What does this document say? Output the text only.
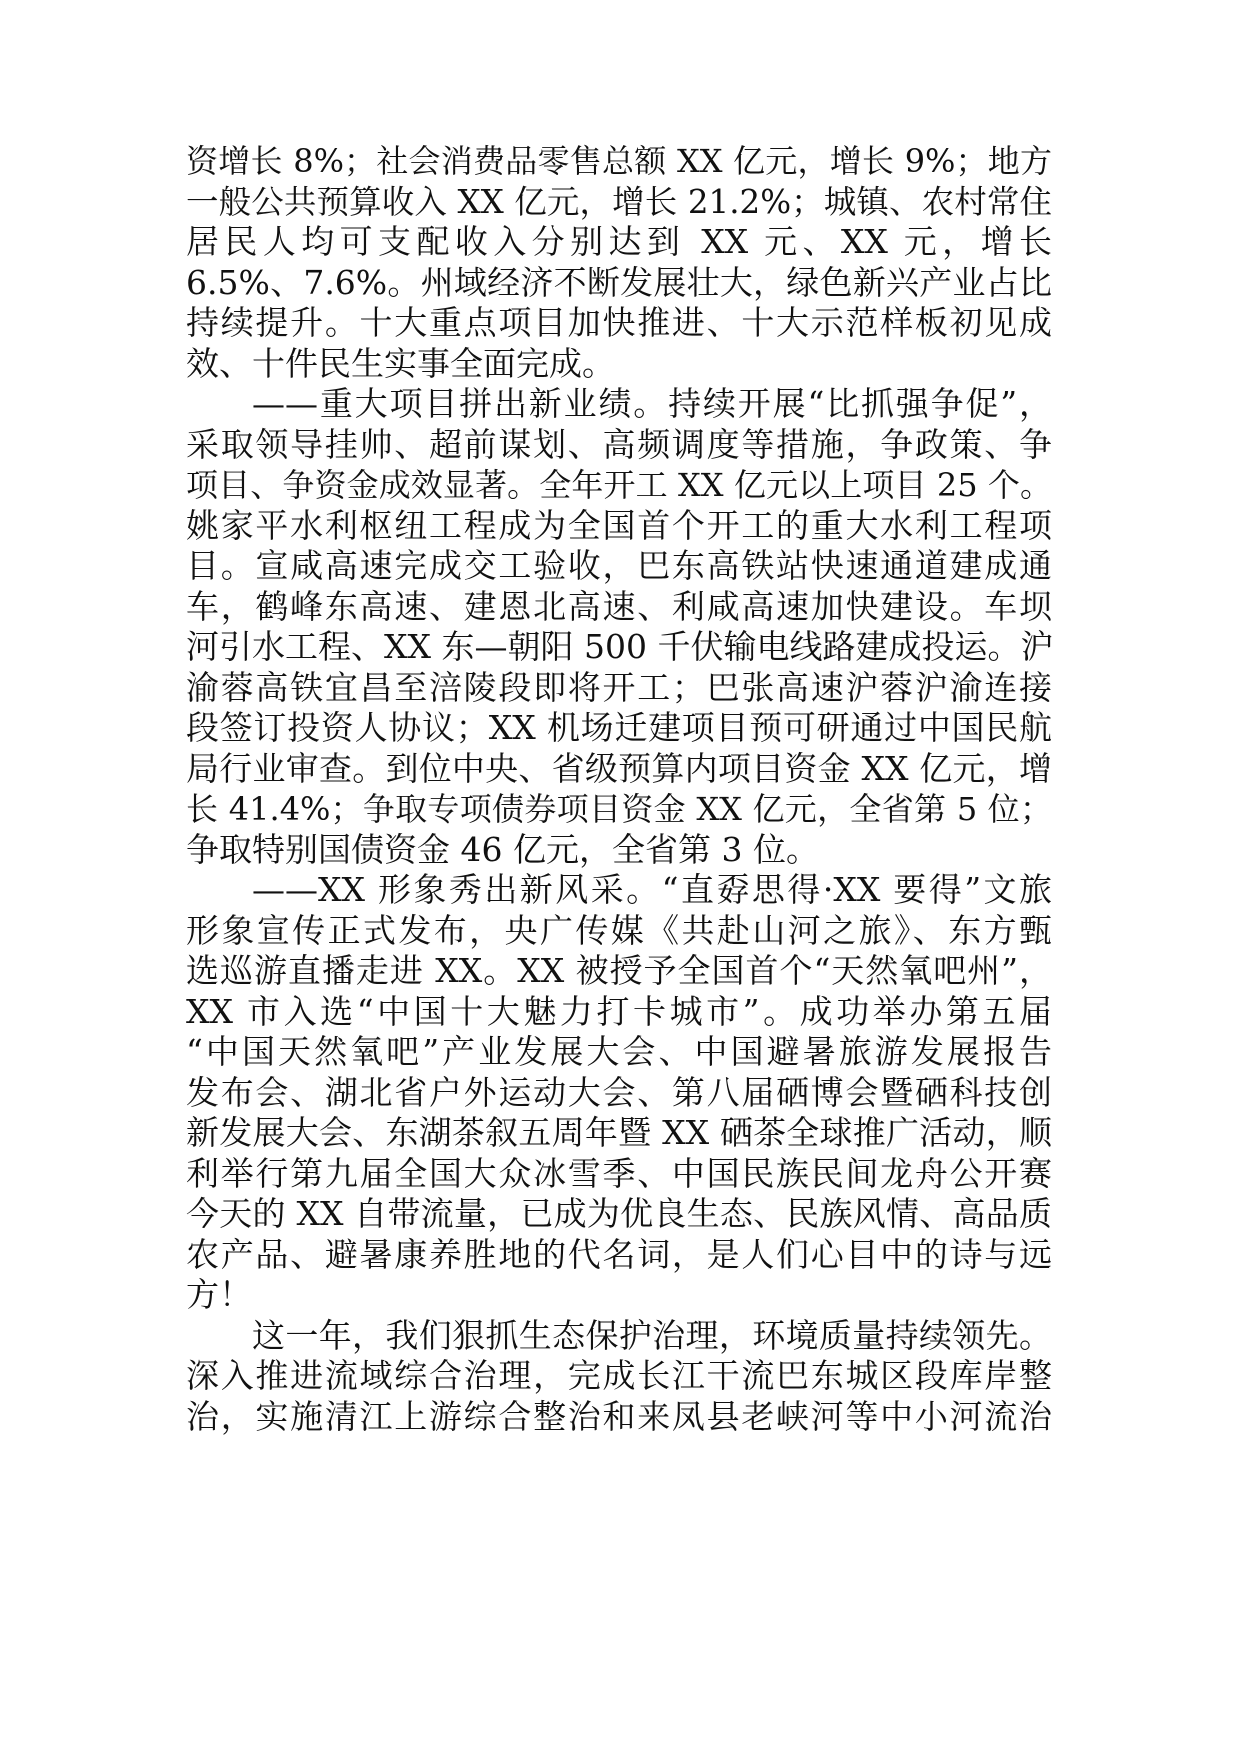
资增长 8%；社会消费品零售总额 XX 亿元，增长 9%；地方
一般公共预算收入 XX 亿元，增长 21.2%；城镇、农村常住
居民人均可支配收入分别达到 XX 元、XX 元，增长
6.5%、7.6%。州域经济不断发展壮大，绿色新兴产业占比
持续提升。十大重点项目加快推进、十大示范样板初见成
效、十件民生实事全面完成。
——重大项目拼出新业绩。持续开展“比抓强争促”，
采取领导挂帅、超前谋划、高频调度等措施，争政策、争
项目、争资金成效显著。全年开工 XX 亿元以上项目 25 个。
姚家平水利枢纽工程成为全国首个开工的重大水利工程项
目。宣咸高速完成交工验收，巴东高铁站快速通道建成通
车，鹤峰东高速、建恩北高速、利咸高速加快建设。车坝
河引水工程、XX 东—朝阳 500 千伏输电线路建成投运。沪
渝蓉高铁宜昌至涪陵段即将开工；巴张高速沪蓉沪渝连接
段签订投资人协议；XX 机场迁建项目预可研通过中国民航
局行业审查。到位中央、省级预算内项目资金 XX 亿元，增
长 41.4%；争取专项债券项目资金 XX 亿元，全省第 5 位；
争取特别国债资金 46 亿元，全省第 3 位。
——XX 形象秀出新风采。“直孬思得·XX 要得”文旅
形象宣传正式发布，央广传媒《共赴山河之旅》、东方甄
选巡游直播走进 XX。XX 被授予全国首个“天然氧吧州”，
XX 市入选“中国十大魅力打卡城市”。成功举办第五届
“中国天然氧吧”产业发展大会、中国避暑旅游发展报告
发布会、湖北省户外运动大会、第八届硒博会暨硒科技创
新发展大会、东湖茶叙五周年暨 XX 硒茶全球推广活动，顺
利举行第九届全国大众冰雪季、中国民族民间龙舟公开赛
今天的 XX 自带流量，已成为优良生态、民族风情、高品质
农产品、避暑康养胜地的代名词，是人们心目中的诗与远
方！
这一年，我们狠抓生态保护治理，环境质量持续领先。
深入推进流域综合治理，完成长江干流巴东城区段库岸整
治，实施清江上游综合整治和来凤县老峡河等中小河流治
